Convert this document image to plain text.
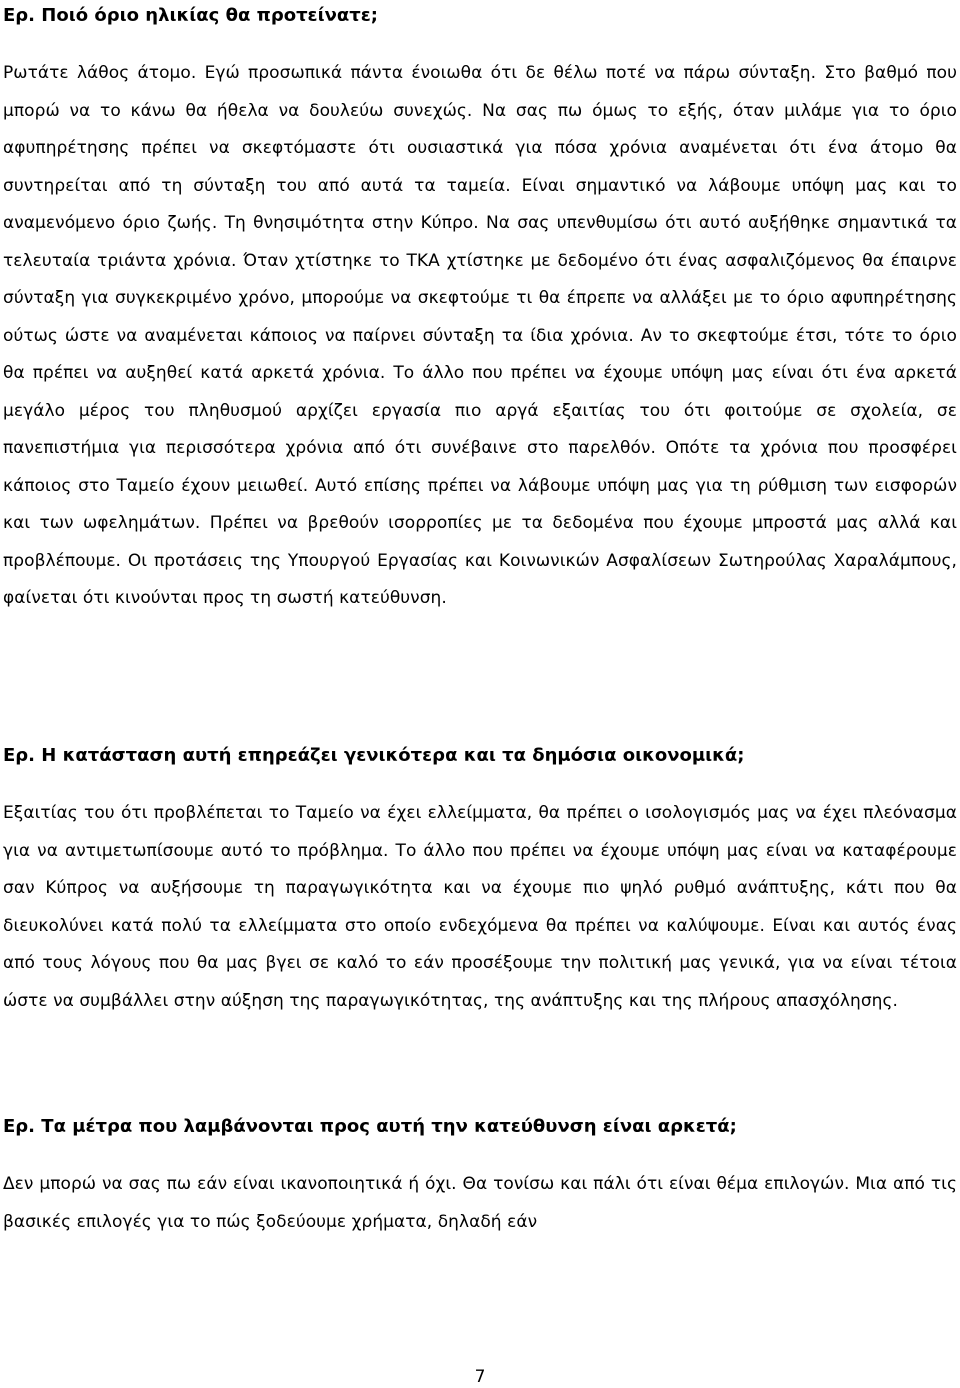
Ερ. Ποιό όριο ηλικίας θα προτείνατε;

Ρωτάτε λάθος άτομο. Εγώ προσωπικά πάντα ένοιωθα ότι δε θέλω ποτέ να πάρω σύνταξη. Στο βαθμό που μπορώ να το κάνω θα ήθελα να δουλεύω συνεχώς. Να σας πω όμως το εξής, όταν μιλάμε για το όριο αφυπηρέτησης πρέπει να σκεφτόμαστε ότι ουσιαστικά για πόσα χρόνια αναμένεται ότι ένα άτομο θα συντηρείται από τη σύνταξη του από αυτά τα ταμεία. Είναι σημαντικό να λάβουμε υπόψη μας και το αναμενόμενο όριο ζωής. Τη θνησιμότητα στην Κύπρο. Να σας υπενθυμίσω ότι αυτό αυξήθηκε σημαντικά τα τελευταία τριάντα χρόνια. Όταν χτίστηκε το ΤΚΑ χτίστηκε με δεδομένο ότι ένας ασφαλιζόμενος θα έπαιρνε σύνταξη για συγκεκριμένο χρόνο, μπορούμε να σκεφτούμε τι θα έπρεπε να αλλάξει με το όριο αφυπηρέτησης ούτως ώστε να αναμένεται κάποιος να παίρνει σύνταξη τα ίδια χρόνια. Αν το σκεφτούμε έτσι, τότε το όριο θα πρέπει να αυξηθεί κατά αρκετά χρόνια. Το άλλο που πρέπει να έχουμε υπόψη μας είναι ότι ένα αρκετά μεγάλο μέρος του πληθυσμού αρχίζει εργασία πιο αργά εξαιτίας του ότι φοιτούμε σε σχολεία, σε πανεπιστήμια για περισσότερα χρόνια από ότι συνέβαινε στο παρελθόν. Οπότε τα χρόνια που προσφέρει κάποιος στο Ταμείο έχουν μειωθεί. Αυτό επίσης πρέπει να λάβουμε υπόψη μας για τη ρύθμιση των εισφορών και των ωφελημάτων. Πρέπει να βρεθούν ισορροπίες με τα δεδομένα που έχουμε μπροστά μας αλλά και προβλέπουμε. Οι προτάσεις της Υπουργού Εργασίας και Κοινωνικών Ασφαλίσεων Σωτηρούλας Χαραλάμπους, φαίνεται ότι κινούνται προς τη σωστή κατεύθυνση.

Ερ. Η κατάσταση αυτή επηρεάζει γενικότερα και τα δημόσια οικονομικά;

Εξαιτίας του ότι προβλέπεται το Ταμείο να έχει ελλείμματα, θα πρέπει ο ισολογισμός μας να έχει πλεόνασμα για να αντιμετωπίσουμε αυτό το πρόβλημα. Το άλλο που πρέπει να έχουμε υπόψη μας είναι να καταφέρουμε σαν Κύπρος να αυξήσουμε τη παραγωγικότητα και να έχουμε πιο ψηλό ρυθμό ανάπτυξης, κάτι που θα διευκολύνει κατά πολύ τα ελλείμματα στο οποίο ενδεχόμενα θα πρέπει να καλύψουμε. Είναι και αυτός ένας από τους λόγους που θα μας βγει σε καλό το εάν προσέξουμε την πολιτική μας γενικά, για να είναι τέτοια ώστε να συμβάλλει στην αύξηση της παραγωγικότητας, της ανάπτυξης και της πλήρους απασχόλησης.

Ερ. Τα μέτρα που λαμβάνονται προς αυτή την κατεύθυνση είναι αρκετά;

Δεν μπορώ να σας πω εάν είναι ικανοποιητικά ή όχι. Θα τονίσω και πάλι ότι είναι θέμα επιλογών. Μια από τις βασικές επιλογές για το πώς ξοδεύουμε χρήματα, δηλαδή εάν

7
